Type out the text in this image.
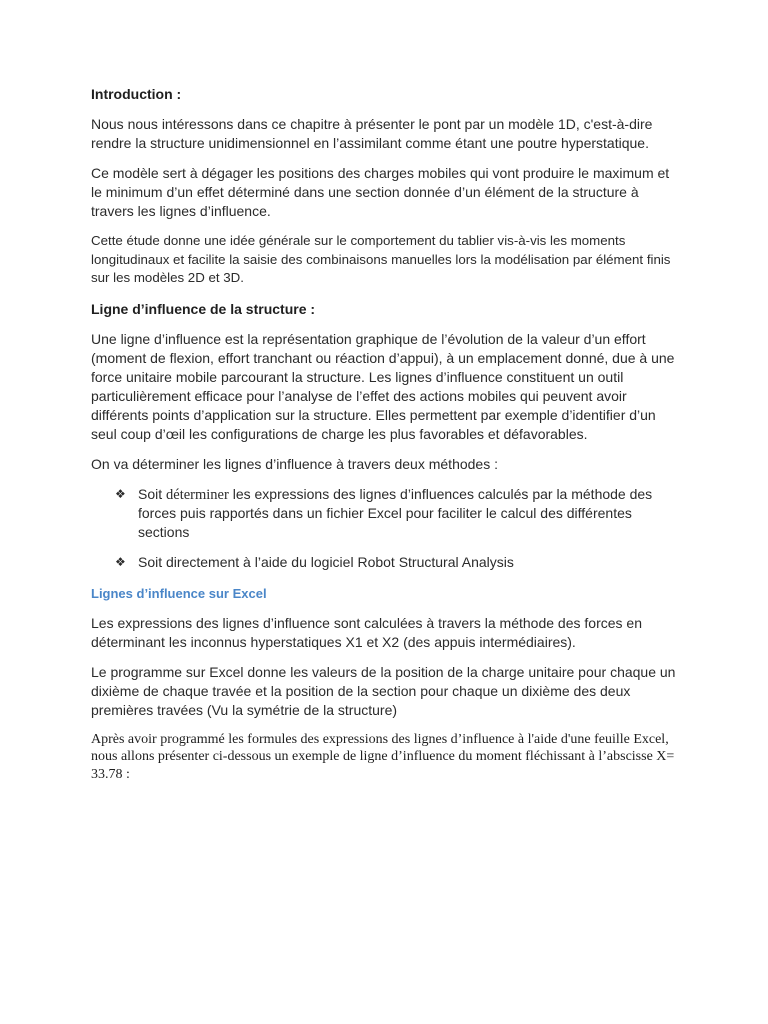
Introduction :

Nous nous intéressons dans ce chapitre à présenter le pont par un modèle 1D, c'est-à-dire rendre la structure unidimensionnel en l’assimilant comme étant une poutre hyperstatique.

Ce modèle sert à dégager les positions des charges mobiles qui vont produire le maximum et le minimum d’un effet déterminé dans une section donnée d’un élément de la structure à travers les lignes d’influence.

Cette étude donne une idée générale sur le comportement du tablier vis-à-vis les moments longitudinaux et facilite la saisie des combinaisons manuelles lors la modélisation par élément finis sur les modèles 2D et 3D.

Ligne d’influence de la structure :

Une ligne d’influence est la représentation graphique de l’évolution de la valeur d’un effort (moment de flexion, effort tranchant ou réaction d’appui), à un emplacement donné, due à une force unitaire mobile parcourant la structure. Les lignes d’influence constituent un outil particulièrement efficace pour l’analyse de l’effet des actions mobiles qui peuvent avoir différents points d’application sur la structure. Elles permettent par exemple d’identifier d’un seul coup d’œil les configurations de charge les plus favorables et défavorables.

On va déterminer les lignes d’influence à travers deux méthodes :

❖ Soit déterminer les expressions des lignes d’influences calculés par la méthode des forces puis rapportés dans un fichier Excel pour faciliter le calcul des différentes sections
❖ Soit directement à l’aide du logiciel Robot Structural Analysis
Lignes d’influence sur Excel

Les expressions des lignes d’influence sont calculées à travers la méthode des forces en déterminant les inconnus hyperstatiques X1 et X2 (des appuis intermédiaires).

Le programme sur Excel donne les valeurs de la position de la charge unitaire pour chaque un dixième de chaque travée et la position de la section pour chaque un dixième des deux premières travées (Vu la symétrie de la structure)

Après avoir programmé les formules des expressions des lignes d’influence à l'aide d'une feuille Excel, nous allons présenter ci-dessous un exemple de ligne d’influence du moment fléchissant à l’abscisse X= 33.78 :
